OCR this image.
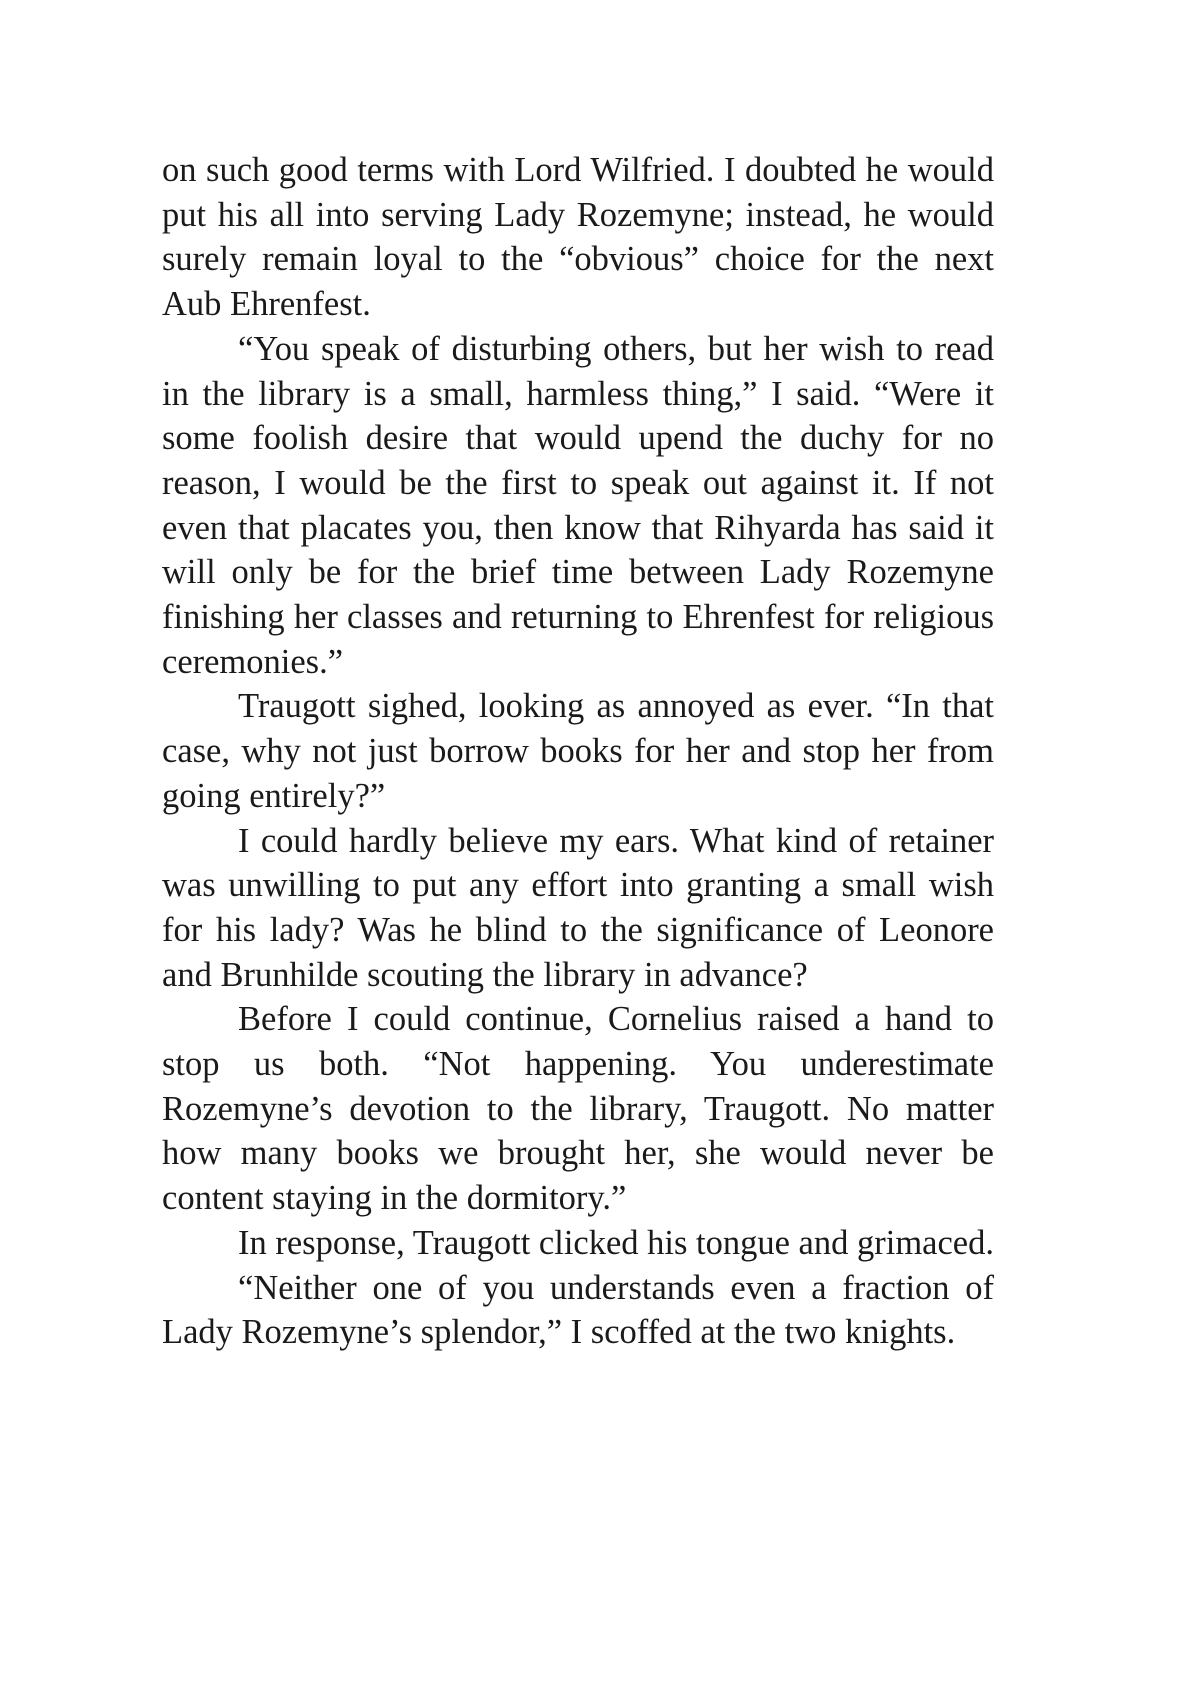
on such good terms with Lord Wilfried. I doubted he would put his all into serving Lady Rozemyne; instead, he would surely remain loyal to the “obvious” choice for the next Aub Ehrenfest.

“You speak of disturbing others, but her wish to read in the library is a small, harmless thing,” I said. “Were it some foolish desire that would upend the duchy for no reason, I would be the first to speak out against it. If not even that placates you, then know that Rihyarda has said it will only be for the brief time between Lady Rozemyne finishing her classes and returning to Ehrenfest for religious ceremonies.”

Traugott sighed, looking as annoyed as ever. “In that case, why not just borrow books for her and stop her from going entirely?”

I could hardly believe my ears. What kind of retainer was unwilling to put any effort into granting a small wish for his lady? Was he blind to the significance of Leonore and Brunhilde scouting the library in advance?

Before I could continue, Cornelius raised a hand to stop us both. “Not happening. You underestimate Rozemyne’s devotion to the library, Traugott. No matter how many books we brought her, she would never be content staying in the dormitory.”

In response, Traugott clicked his tongue and grimaced.

“Neither one of you understands even a fraction of Lady Rozemyne’s splendor,” I scoffed at the two knights.
